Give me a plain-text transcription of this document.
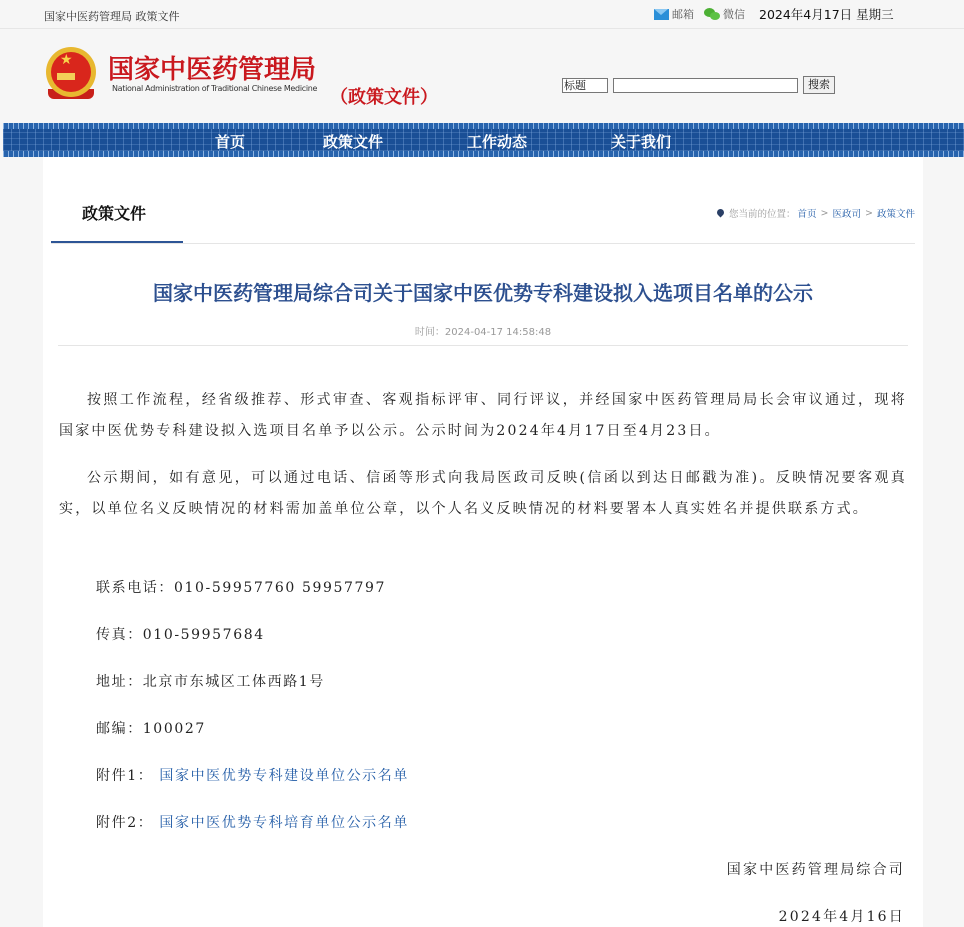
国家中医药管理局 政策文件	邮箱	微信 2024年4月17日 星期三
★ 国家中医药管理局
National Administration of Traditional Chinese Medicine （政策文件）
标题	搜索
首页	政策文件	工作动态	关于我们
政策文件	您当前的位置： 首页 > 医政司 > 政策文件
国家中医药管理局综合司关于国家中医优势专科建设拟入选项目名单的公示
时间：2024-04-17 14:58:48

按照工作流程，经省级推荐、形式审查、客观指标评审、同行评议，并经国家中医药管理局局长会审议通过，现将国家中医优势专科建设拟入选项目名单予以公示。公示时间为2024年4月17日至4月23日。

公示期间，如有意见，可以通过电话、信函等形式向我局医政司反映(信函以到达日邮戳为准)。反映情况要客观真实，以单位名义反映情况的材料需加盖单位公章，以个人名义反映情况的材料要署本人真实姓名并提供联系方式。

联系电话：010-59957760 59957797
传真：010-59957684
地址：北京市东城区工体西路1号
邮编：100027
附件1： 国家中医优势专科建设单位公示名单
附件2： 国家中医优势专科培育单位公示名单
国家中医药管理局综合司
2024年4月16日
